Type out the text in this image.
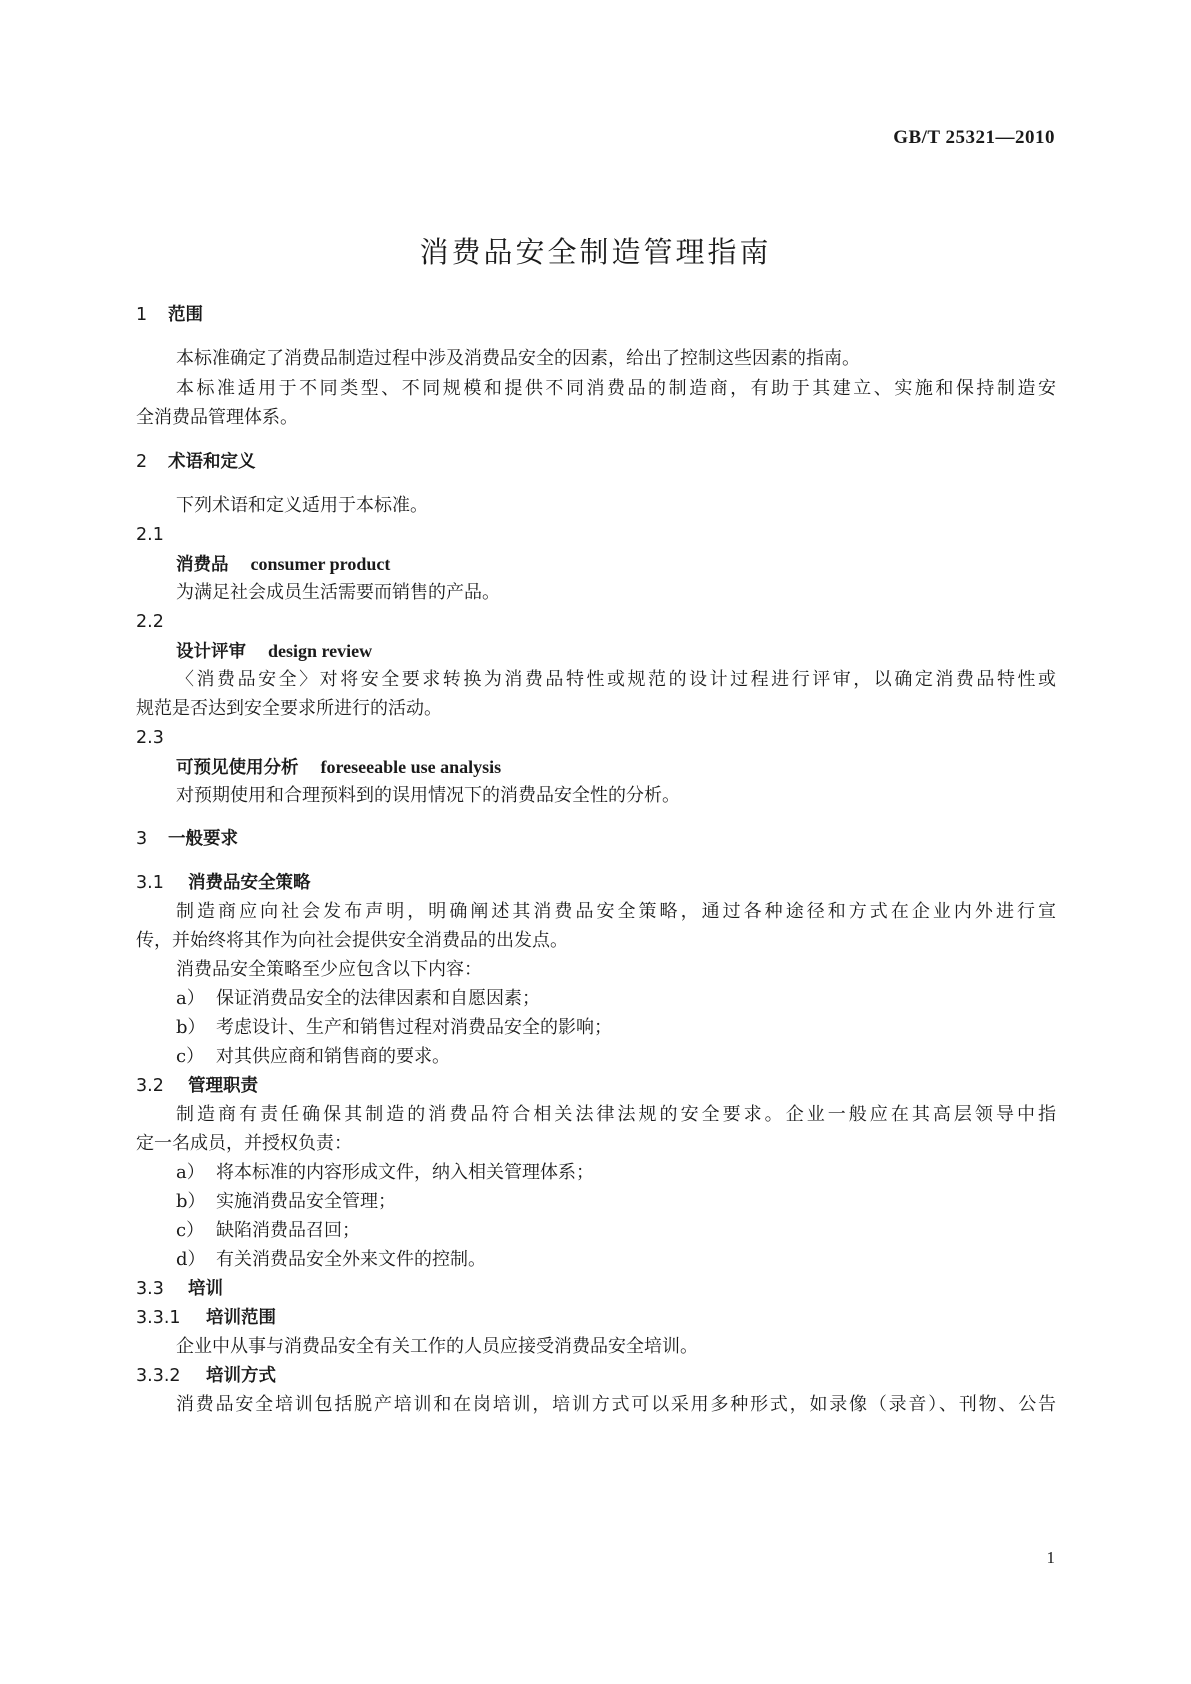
GB/T 25321—2010
消费品安全制造管理指南
1 范围
本标准确定了消费品制造过程中涉及消费品安全的因素，给出了控制这些因素的指南。
本标准适用于不同类型、不同规模和提供不同消费品的制造商，有助于其建立、实施和保持制造安
全消费品管理体系。
2 术语和定义
下列术语和定义适用于本标准。
2.1
消费品 consumer product
为满足社会成员生活需要而销售的产品。
2.2
设计评审 design review
〈消费品安全〉对将安全要求转换为消费品特性或规范的设计过程进行评审，以确定消费品特性或
规范是否达到安全要求所进行的活动。
2.3
可预见使用分析 foreseeable use analysis
对预期使用和合理预料到的误用情况下的消费品安全性的分析。
3 一般要求
3.1 消费品安全策略
制造商应向社会发布声明，明确阐述其消费品安全策略，通过各种途径和方式在企业内外进行宣
传，并始终将其作为向社会提供安全消费品的出发点。
消费品安全策略至少应包含以下内容：
a） 保证消费品安全的法律因素和自愿因素；
b） 考虑设计、生产和销售过程对消费品安全的影响；
c） 对其供应商和销售商的要求。
3.2 管理职责
制造商有责任确保其制造的消费品符合相关法律法规的安全要求。企业一般应在其高层领导中指
定一名成员，并授权负责：
a） 将本标准的内容形成文件，纳入相关管理体系；
b） 实施消费品安全管理；
c） 缺陷消费品召回；
d） 有关消费品安全外来文件的控制。
3.3 培训
3.3.1 培训范围
企业中从事与消费品安全有关工作的人员应接受消费品安全培训。
3.3.2 培训方式
消费品安全培训包括脱产培训和在岗培训，培训方式可以采用多种形式，如录像（录音）、刊物、公告
1
